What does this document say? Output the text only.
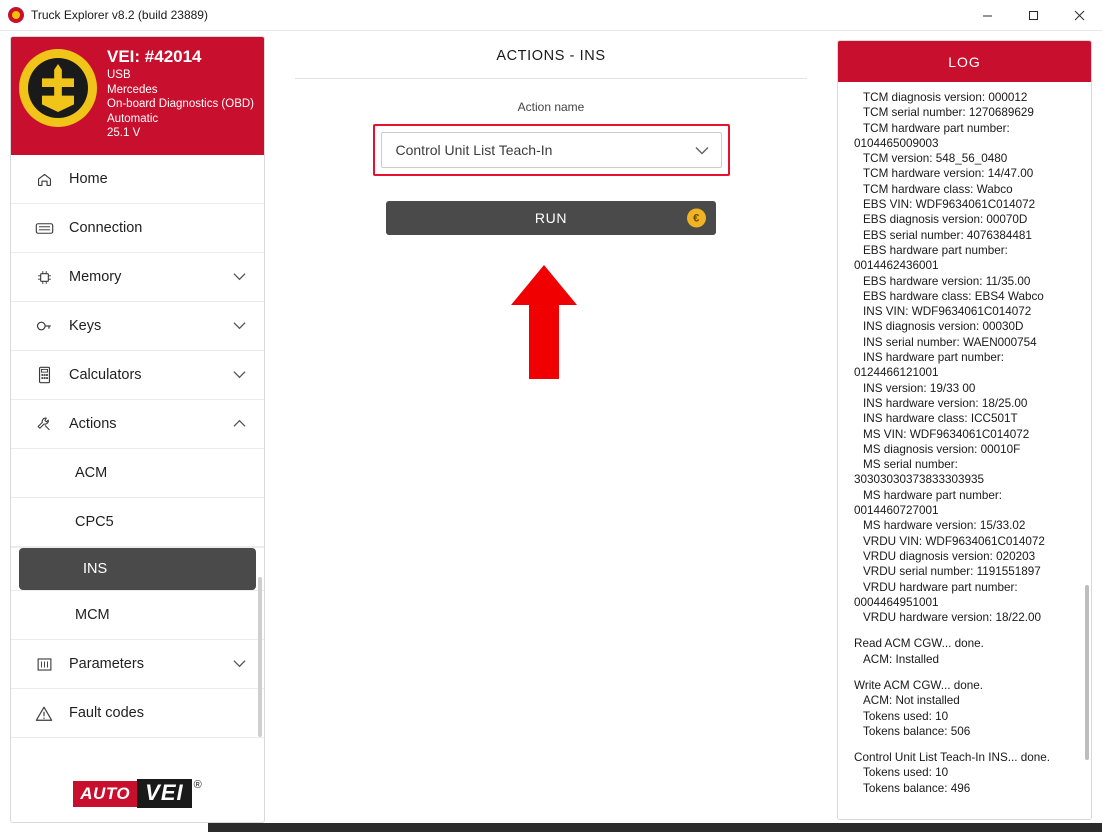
Truck Explorer v8.2 (build 23889)
VEI: #42014
USB
Mercedes
On-board Diagnostics (OBD)
Automatic
25.1 V
Home
Connection
Memory
Keys
Calculators
Actions
ACM
CPC5
INS
MCM
Parameters
Fault codes
AUTO VEI ®
ACTIONS - INS
Action name
Control Unit List Teach-In
RUN	€
LOG
TCM diagnosis version: 000012
TCM serial number: 1270689629
TCM hardware part number:
0104465009003
TCM version: 548_56_0480
TCM hardware version: 14/47.00
TCM hardware class: Wabco
EBS VIN: WDF9634061C014072
EBS diagnosis version: 00070D
EBS serial number: 4076384481
EBS hardware part number:
0014462436001
EBS hardware version: 11/35.00
EBS hardware class: EBS4 Wabco
INS VIN: WDF9634061C014072
INS diagnosis version: 00030D
INS serial number: WAEN000754
INS hardware part number:
0124466121001
INS version: 19/33 00
INS hardware version: 18/25.00
INS hardware class: ICC501T
MS VIN: WDF9634061C014072
MS diagnosis version: 00010F
MS serial number:
30303030373833303935
MS hardware part number:
0014460727001
MS hardware version: 15/33.02
VRDU VIN: WDF9634061C014072
VRDU diagnosis version: 020203
VRDU serial number: 1191551897
VRDU hardware part number:
0004464951001
VRDU hardware version: 18/22.00
Read ACM CGW... done.
ACM: Installed
Write ACM CGW... done.
ACM: Not installed
Tokens used: 10
Tokens balance: 506
Control Unit List Teach-In INS... done.
Tokens used: 10
Tokens balance: 496
